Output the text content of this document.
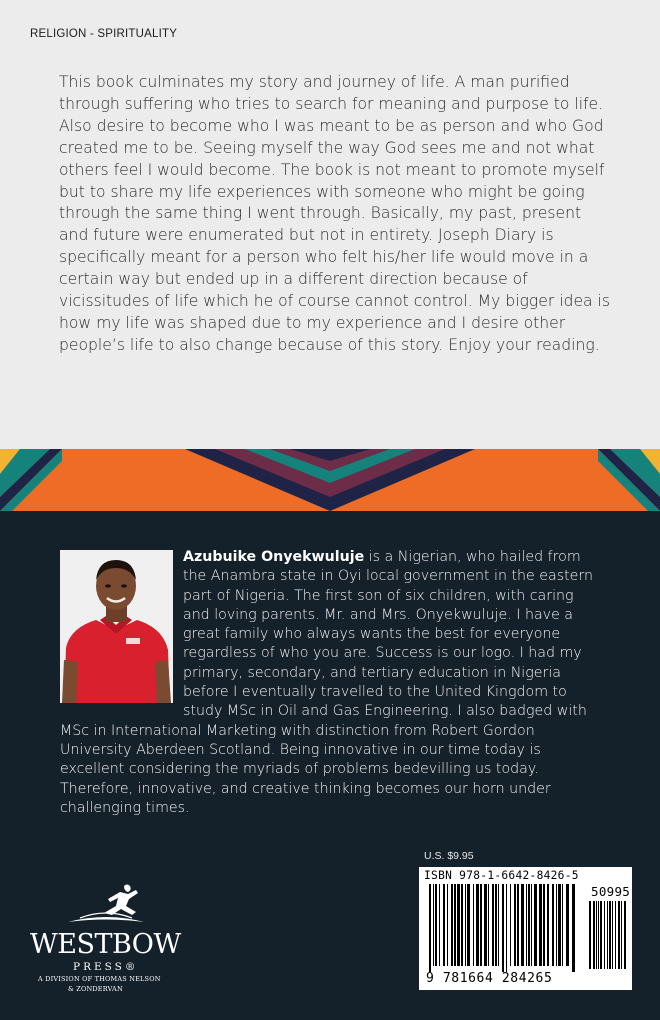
RELIGION - SPIRITUALITY

This book culminates my story and journey of life. A man purified through suffering who tries to search for meaning and purpose to life. Also desire to become who I was meant to be as person and who God created me to be. Seeing myself the way God sees me and not what others feel I would become. The book is not meant to promote myself but to share my life experiences with someone who might be going through the same thing I went through. Basically, my past, present and future were enumerated but not in entirety. Joseph Diary is specifically meant for a person who felt his/her life would move in a certain way but ended up in a different direction because of vicissitudes of life which he of course cannot control. My bigger idea is how my life was shaped due to my experience and I desire other people’s life to also change because of this story. Enjoy your reading.

Azubuike Onyekwuluje is a Nigerian, who hailed from the Anambra state in Oyi local government in the eastern part of Nigeria. The first son of six children, with caring and loving parents. Mr. and Mrs. Onyekwuluje. I have a great family who always wants the best for everyone regardless of who you are. Success is our logo. I had my primary, secondary, and tertiary education in Nigeria before I eventually travelled to the United Kingdom to study MSc in Oil and Gas Engineering. I also badged with MSc in International Marketing with distinction from Robert Gordon University Aberdeen Scotland. Being innovative in our time today is excellent considering the myriads of problems bedevilling us today. Therefore, innovative, and creative thinking becomes our horn under challenging times.
U.S. $9.95
ISBN 978-1-6642-8426-5
50995
9 781664 284265
WESTBOW
PRESS®
A DIVISION OF THOMAS NELSON
& ZONDERVAN
